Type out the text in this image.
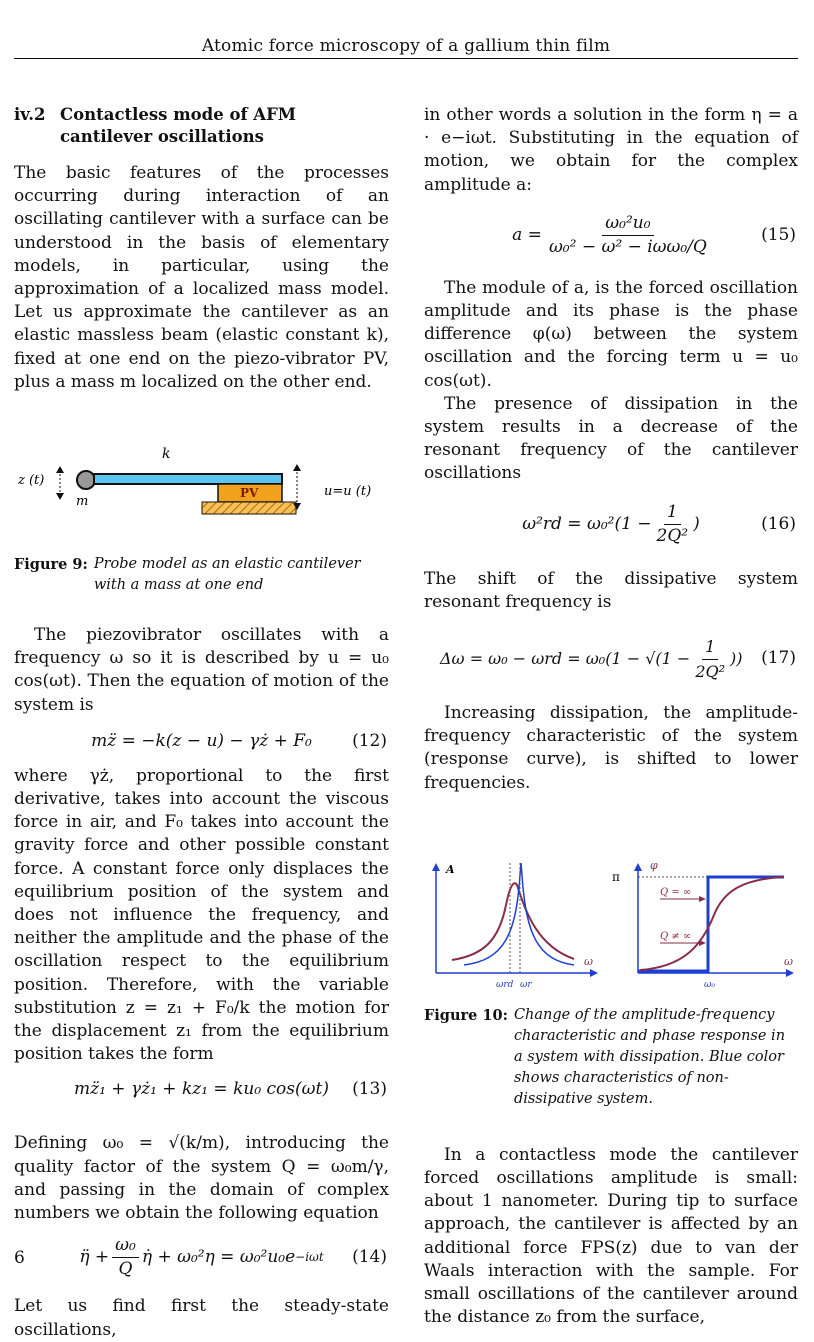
Atomic force microscopy of a gallium thin film
iv.2 Contactless mode of AFM cantilever oscillations

The basic features of the processes occurring during interaction of an oscillating cantilever with a surface can be understood in the basis of elementary models, in particular, using the approximation of a localized mass model. Let us approximate the cantilever as an elastic massless beam (elastic constant k), fixed at one end on the piezo-vibrator PV, plus a mass m localized on the other end.

k
z (t)
m
PV	u=u (t)
Figure 9: Probe model as an elastic cantilever with a mass at one end

The piezovibrator oscillates with a frequency ω so it is described by u = u₀ cos(ωt). Then the equation of motion of the system is

mz̈ = −k(z − u) − γż + F₀ (12)

where γż, proportional to the first derivative, takes into account the viscous force in air, and F₀ takes into account the gravity force and other possible constant force. A constant force only displaces the equilibrium position of the system and does not influence the frequency, and neither the amplitude and the phase of the oscillation respect to the equilibrium position. Therefore, with the variable substitution z = z₁ + F₀/k the motion for the displacement z₁ from the equilibrium position takes the form

mz̈₁ + γż₁ + kz₁ = ku₀ cos(ωt) (13)

Defining ω₀ = √(k/m), introducing the quality factor of the system Q = ω₀m/γ, and passing in the domain of complex numbers we obtain the following equation

η̈ + $\frac{\text{ω₀}}{Q}$ η̇ + ω₀²η = ω₀²u₀e −iωt (14)

Let us find first the steady-state oscillations,

in other words a solution in the form η = a · e−iωt. Substituting in the equation of motion, we obtain for the complex amplitude a:

$a = \frac{\text{ω₀²u₀}}{\text{ω₀² − ω² − iωω₀/Q}}$	(15)

The module of a, is the forced oscillation amplitude and its phase is the phase difference φ(ω) between the system oscillation and the forcing term u = u₀ cos(ωt).

The presence of dissipation in the system results in a decrease of the resonant frequency of the cantilever oscillations

$\omega^2rd = \omega_0^2(1 - \frac{1}{\text{2Q²}}$ )	(16)

The shift of the dissipative system resonant frequency is

$\Delta\omega = \omega_0 - \omega rd = \omega_0(1 - √(1 - \frac{1}{\text{2Q²}}$ )) (17)

Increasing dissipation, the amplitude-frequency characteristic of the system (response curve), is shifted to lower frequencies.

A
ω
ωrd ωr
π
φ
Q = ∞
Q ≠ ∞
ω
ω₀
Figure 10: Change of the amplitude-frequency characteristic and phase response in a system with dissipation. Blue color shows characteristics of non-dissipative system.

In a contactless mode the cantilever forced oscillations amplitude is small: about 1 nanometer. During tip to surface approach, the cantilever is affected by an additional force FPS(z) due to van der Waals interaction with the sample. For small oscillations of the cantilever around the distance z₀ from the surface,

6
